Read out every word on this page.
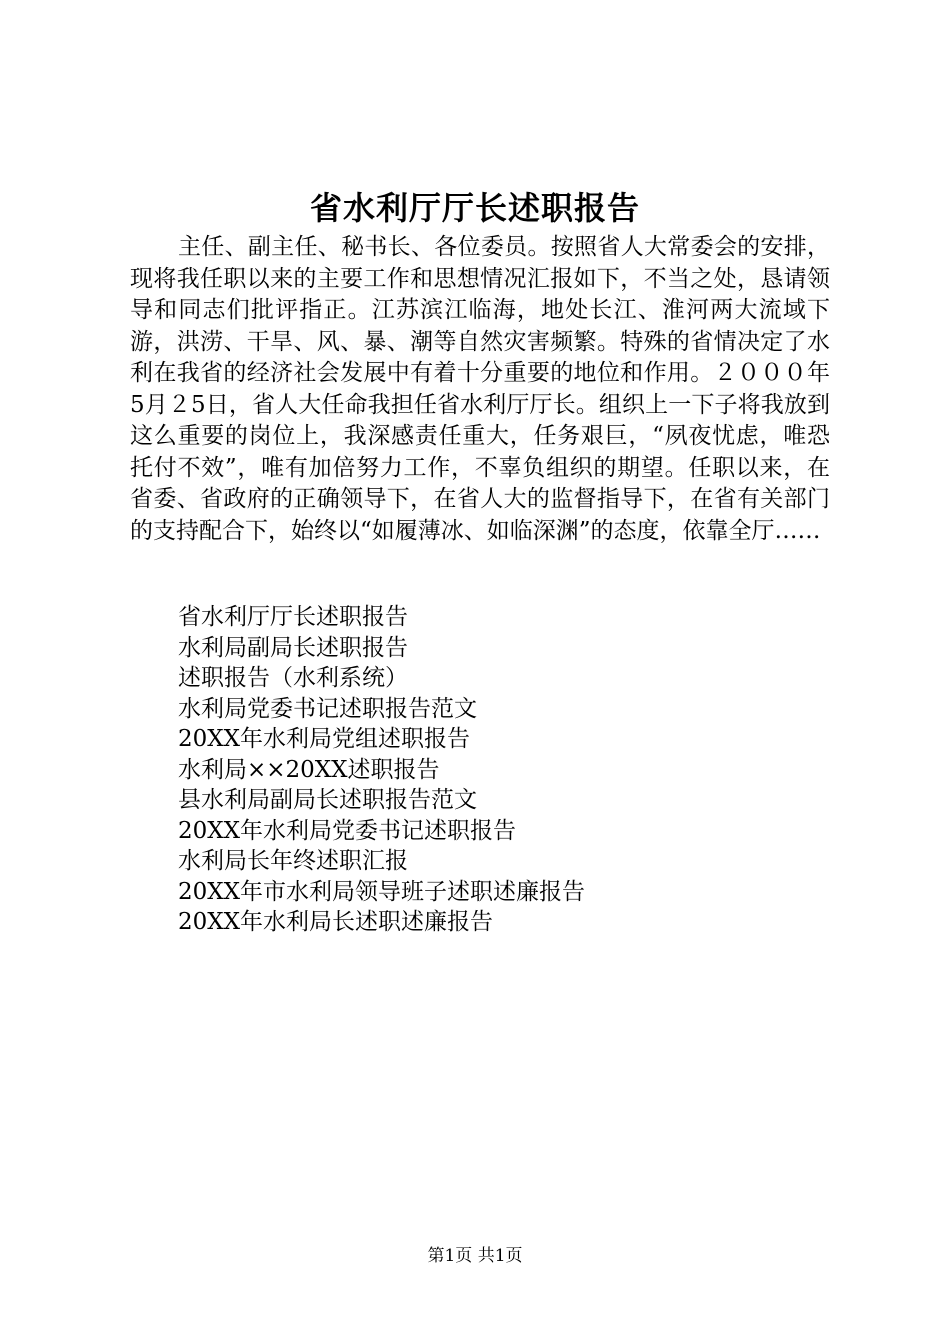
省水利厅厅长述职报告

主任、副主任、秘书长、各位委员。按照省人大常委会的安排，现将我任职以来的主要工作和思想情况汇报如下，不当之处，恳请领导和同志们批评指正。江苏滨江临海，地处长江、淮河两大流域下游，洪涝、干旱、风、暴、潮等自然灾害频繁。特殊的省情决定了水利在我省的经济社会发展中有着十分重要的地位和作用。２０００年5月２5日，省人大任命我担任省水利厅厅长。组织上一下子将我放到这么重要的岗位上，我深感责任重大，任务艰巨，“夙夜忧虑，唯恐托付不效”，唯有加倍努力工作，不辜负组织的期望。任职以来，在省委、省政府的正确领导下，在省人大的监督指导下，在省有关部门的支持配合下，始终以“如履薄冰、如临深渊”的态度，依靠全厅……

省水利厅厅长述职报告
水利局副局长述职报告
述职报告（水利系统）
水利局党委书记述职报告范文
20XX年水利局党组述职报告
水利局××20XX述职报告
县水利局副局长述职报告范文
20XX年水利局党委书记述职报告
水利局长年终述职汇报
20XX年市水利局领导班子述职述廉报告
20XX年水利局长述职述廉报告
第1页 共1页
